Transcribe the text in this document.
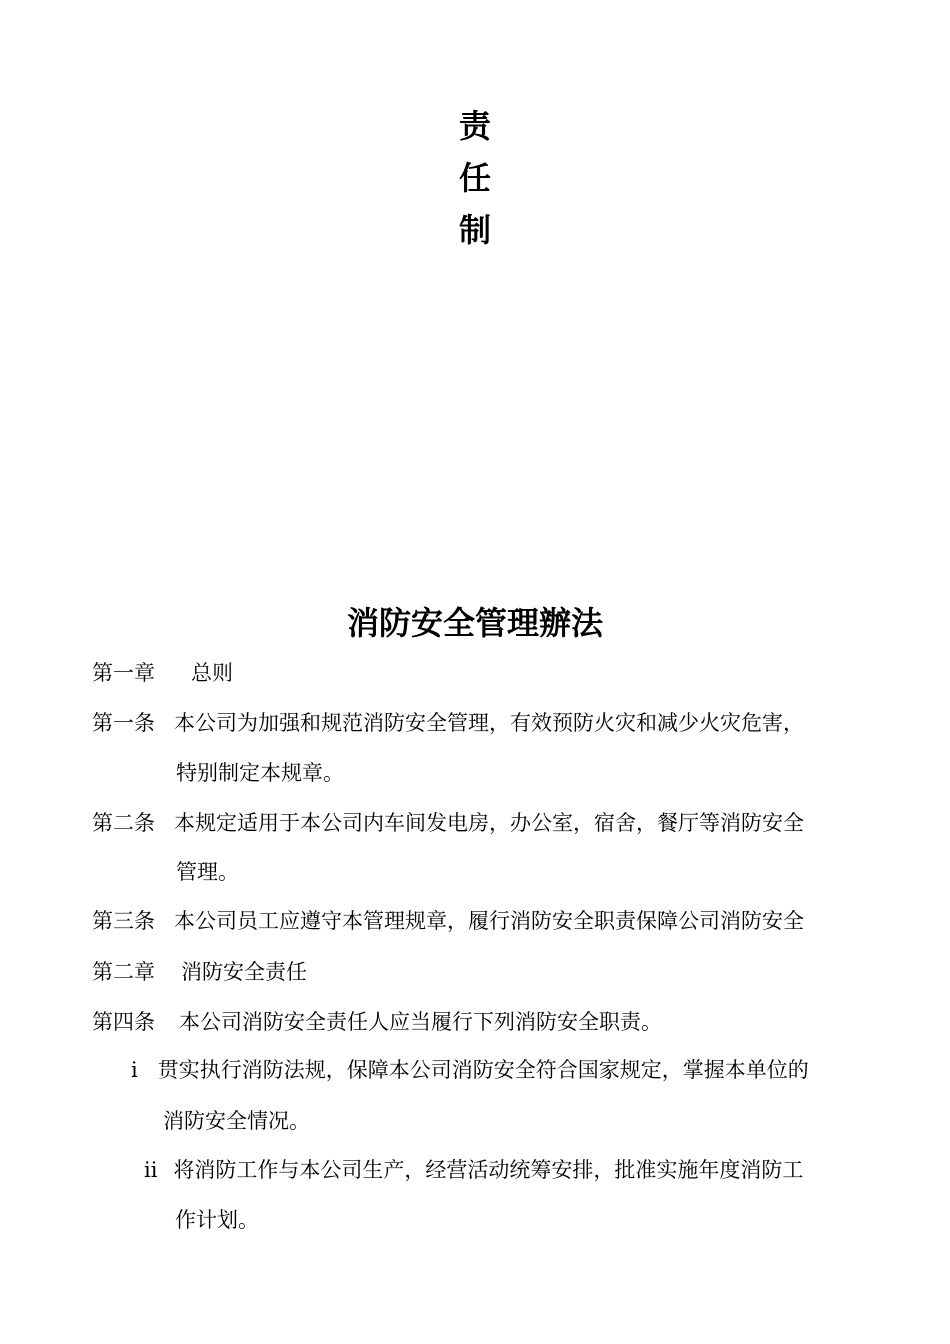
责
任
制
消防安全管理辦法
第一章 总则
第一条 本公司为加强和规范消防安全管理，有效预防火灾和减少火灾危害，
特别制定本规章。
第二条 本规定适用于本公司内车间发电房，办公室，宿舍，餐厅等消防安全
管理。
第三条 本公司员工应遵守本管理规章，履行消防安全职责保障公司消防安全
第二章 消防安全责任
第四条 本公司消防安全责任人应当履行下列消防安全职责。
i 贯实执行消防法规，保障本公司消防安全符合国家规定，掌握本单位的
消防安全情况。
ii 将消防工作与本公司生产，经营活动统筹安排，批准实施年度消防工
作计划。
